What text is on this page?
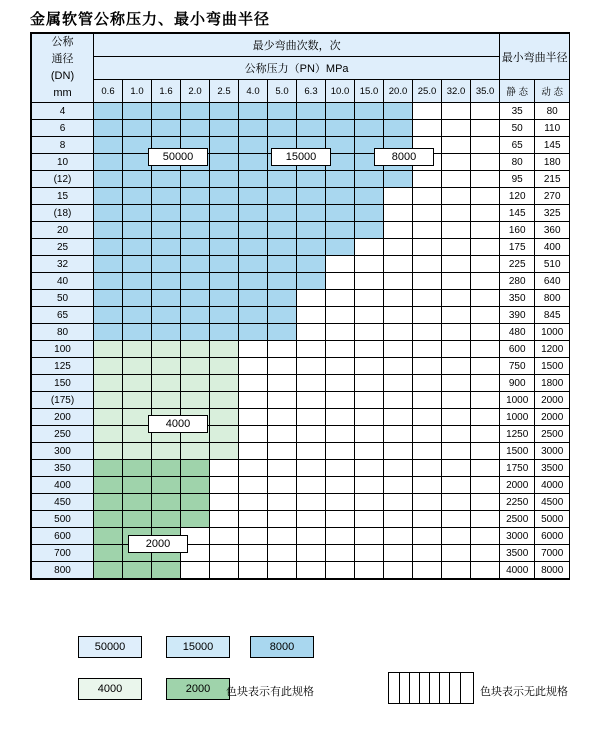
金属软管公称压力、最小弯曲半径
公称
通径
(DN)
mm	最少弯曲次数，次														最小弯曲半径	
	公称压力（PN）MPa															
	0.6	1.0	1.6	2.0	2.5	4.0	5.0	6.3	10.0	15.0	20.0	25.0	32.0	35.0	静 态	动 态
4															35	80
6															50	110
8															65	145
10															80	180
(12)															95	215
15															120	270
(18)															145	325
20															160	360
25															175	400
32															225	510
40															280	640
50															350	800
65															390	845
80															480	1000
100															600	1200
125															750	1500
150															900	1800
(175)															1000	2000
200															1000	2000
250															1250	2500
300															1500	3000
350															1750	3500
400															2000	4000
450															2250	4500
500															2500	5000
600															3000	6000
700															3500	7000
800															4000	8000
50000	15000	8000
4000
2000
50000	15000	8000
4000	2000	色块表示有此规格	色块表示无此规格
